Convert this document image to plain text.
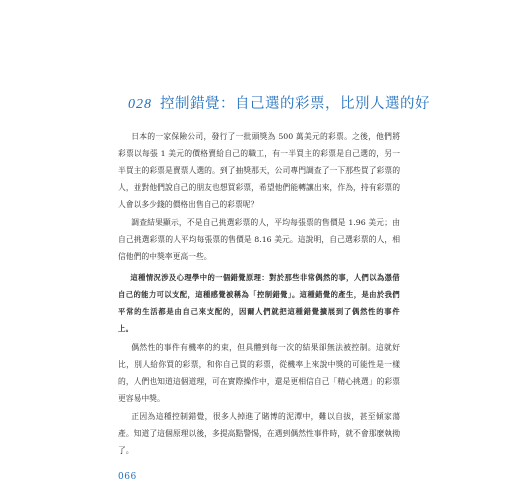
028 控制錯覺：自己選的彩票，比別人選的好

日本的一家保險公司，發行了一批頭獎為 500 萬美元的彩票。之後，他們將彩票以每張 1 美元的價格賣給自己的職工，有一半買主的彩票是自己選的，另一半買主的彩票是賣票人選的。到了抽獎那天，公司專門調查了一下那些買了彩票的人，並對他們說自己的朋友也想買彩票，希望他們能轉讓出來，作為，持有彩票的人會以多少錢的價格出售自己的彩票呢？

調查結果顯示，不是自己挑選彩票的人，平均每張票的售價是 1.96 美元；由自己挑選彩票的人平均每張票的售價是 8.16 美元。這說明，自己選彩票的人，相信他們的中獎率更高一些。

這種情況涉及心理學中的一個錯覺原理：對於那些非常偶然的事，人們以為憑借自己的能力可以支配，這種感覺被稱為「控制錯覺」。這種錯覺的產生，是由於我們平常的生活都是由自己來支配的，因爾人們就把這種錯覺擴展到了偶然性的事件上。

偶然性的事件有機率的約束，但具體到每一次的結果卻無法被控制。這就好比，別人給你買的彩票，和你自己買的彩票，從機率上來說中獎的可能性是一樣的，人們也知道這個道理，可在實際操作中，還是更相信自己「精心挑選」的彩票更容易中獎。

正因為這種控制錯覺，很多人掉進了賭博的泥潭中，難以自拔，甚至傾家蕩產。知道了這個原理以後，多提高點警惕，在遇到偶然性事件時，就不會那麼執拗了。

066
